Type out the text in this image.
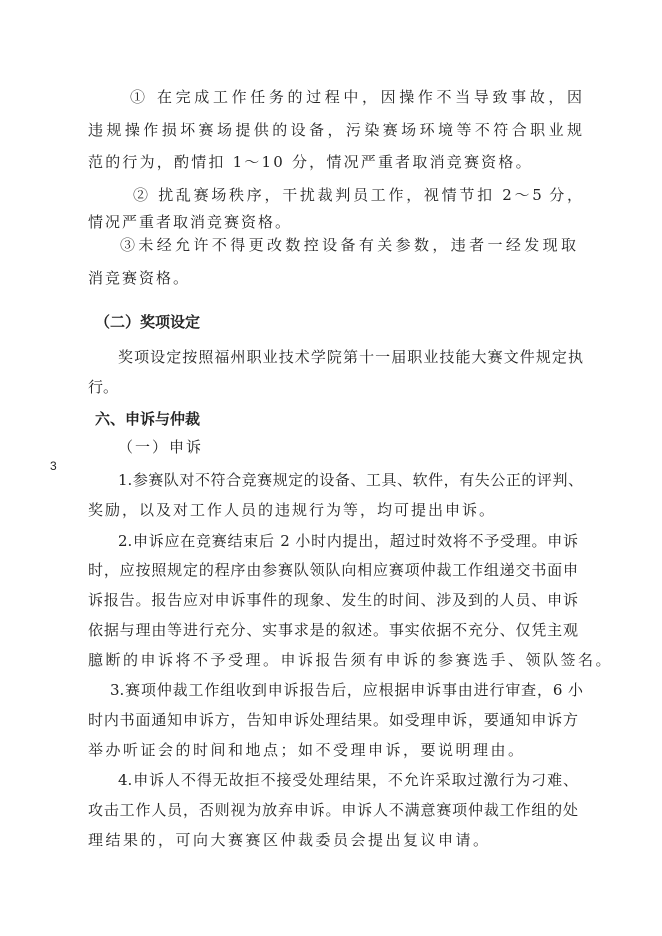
① 在完成工作任务的过程中，因操作不当导致事故，因
违规操作损坏赛场提供的设备，污染赛场环境等不符合职业规
范的行为，酌情扣 1～10 分，情况严重者取消竞赛资格。
② 扰乱赛场秩序，干扰裁判员工作，视情节扣 2～5 分，
情况严重者取消竞赛资格。
③未经允许不得更改数控设备有关参数，违者一经发现取
消竞赛资格。
（二）奖项设定
奖项设定按照福州职业技术学院第十一届职业技能大赛文件规定执
行。
六、申诉与仲裁
（一）申诉
3
1.参赛队对不符合竞赛规定的设备、工具、软件，有失公正的评判、
奖励，以及对工作人员的违规行为等，均可提出申诉。
2.申诉应在竞赛结束后 2 小时内提出，超过时效将不予受理。申诉
时，应按照规定的程序由参赛队领队向相应赛项仲裁工作组递交书面申
诉报告。报告应对申诉事件的现象、发生的时间、涉及到的人员、申诉
依据与理由等进行充分、实事求是的叙述。事实依据不充分、仅凭主观
臆断的申诉将不予受理。申诉报告须有申诉的参赛选手、领队签名。
3.赛项仲裁工作组收到申诉报告后，应根据申诉事由进行审查，6 小
时内书面通知申诉方，告知申诉处理结果。如受理申诉，要通知申诉方
举办听证会的时间和地点；如不受理申诉，要说明理由。
4.申诉人不得无故拒不接受处理结果，不允许采取过激行为刁难、
攻击工作人员，否则视为放弃申诉。申诉人不满意赛项仲裁工作组的处
理结果的，可向大赛赛区仲裁委员会提出复议申请。
